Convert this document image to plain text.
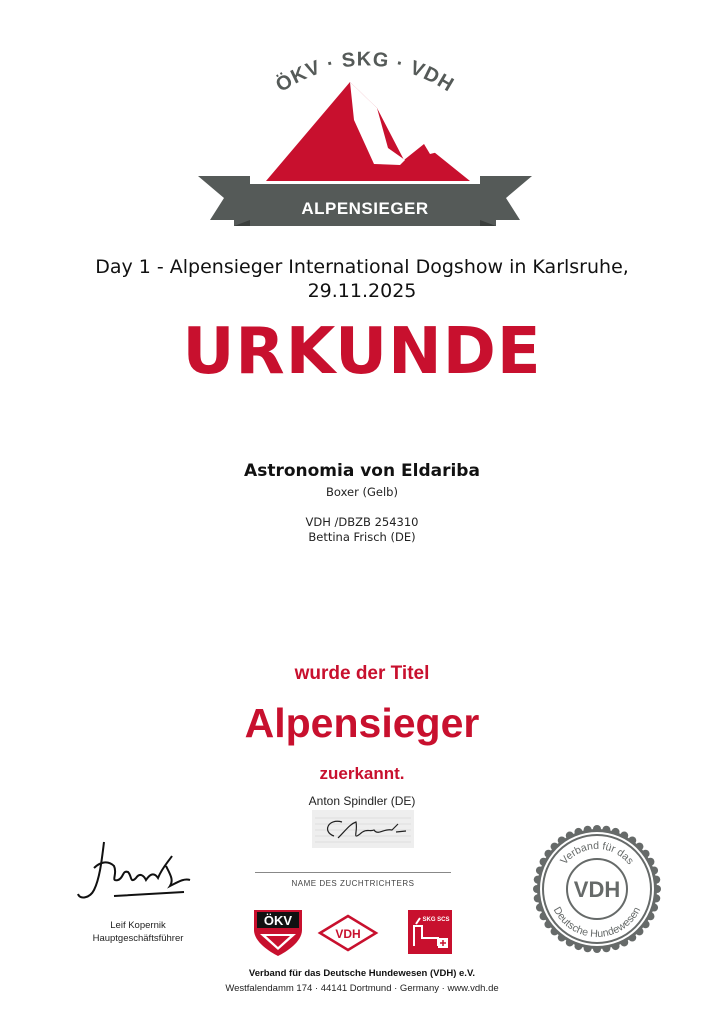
ÖKV · SKG · VDH
ALPENSIEGER
Day 1 - Alpensieger International Dogshow in Karlsruhe,
29.11.2025
URKUNDE
Astronomia von Eldariba
Boxer (Gelb)
VDH /DBZB 254310
Bettina Frisch (DE)
wurde der Titel
Alpensieger
zuerkannt.
Anton Spindler (DE)
NAME DES ZUCHTRICHTERS
Leif Kopernik
Hauptgeschäftsführer
Verband für das
Deutsche Hundewesen
VDH
ÖKV
VDH
SKG SCS
Verband für das Deutsche Hundewesen (VDH) e.V.
Westfalendamm 174 · 44141 Dortmund · Germany · www.vdh.de
